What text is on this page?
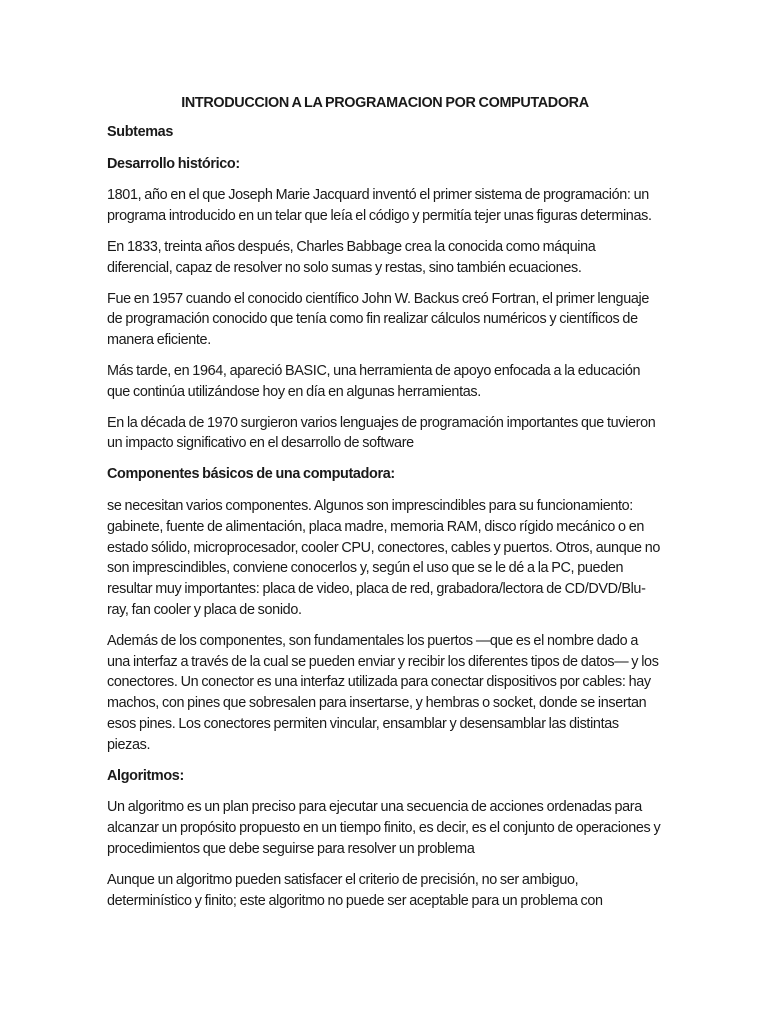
INTRODUCCION A LA PROGRAMACION POR COMPUTADORA
Subtemas
Desarrollo histórico:

1801, año en el que Joseph Marie Jacquard inventó el primer sistema de programación: un programa introducido en un telar que leía el código y permitía tejer unas figuras determinas.

En 1833, treinta años después, Charles Babbage crea la conocida como máquina diferencial, capaz de resolver no solo sumas y restas, sino también ecuaciones.

Fue en 1957 cuando el conocido científico John W. Backus creó Fortran, el primer lenguaje de programación conocido que tenía como fin realizar cálculos numéricos y científicos de manera eficiente.

Más tarde, en 1964, apareció BASIC, una herramienta de apoyo enfocada a la educación que continúa utilizándose hoy en día en algunas herramientas.

En la década de 1970 surgieron varios lenguajes de programación importantes que tuvieron un impacto significativo en el desarrollo de software

Componentes básicos de una computadora:

se necesitan varios componentes. Algunos son imprescindibles para su funcionamiento: gabinete, fuente de alimentación, placa madre, memoria RAM, disco rígido mecánico o en estado sólido, microprocesador, cooler CPU, conectores, cables y puertos. Otros, aunque no son imprescindibles, conviene conocerlos y, según el uso que se le dé a la PC, pueden resultar muy importantes: placa de video, placa de red, grabadora/lectora de CD/DVD/Blu-ray, fan cooler y placa de sonido.

Además de los componentes, son fundamentales los puertos —que es el nombre dado a una interfaz a través de la cual se pueden enviar y recibir los diferentes tipos de datos— y los conectores. Un conector es una interfaz utilizada para conectar dispositivos por cables: hay machos, con pines que sobresalen para insertarse, y hembras o socket, donde se insertan esos pines. Los conectores permiten vincular, ensamblar y desensamblar las distintas piezas.

Algoritmos:

Un algoritmo es un plan preciso para ejecutar una secuencia de acciones ordenadas para alcanzar un propósito propuesto en un tiempo finito, es decir, es el conjunto de operaciones y procedimientos que debe seguirse para resolver un problema

Aunque un algoritmo pueden satisfacer el criterio de precisión, no ser ambiguo, determinístico y finito; este algoritmo no puede ser aceptable para un problema con
